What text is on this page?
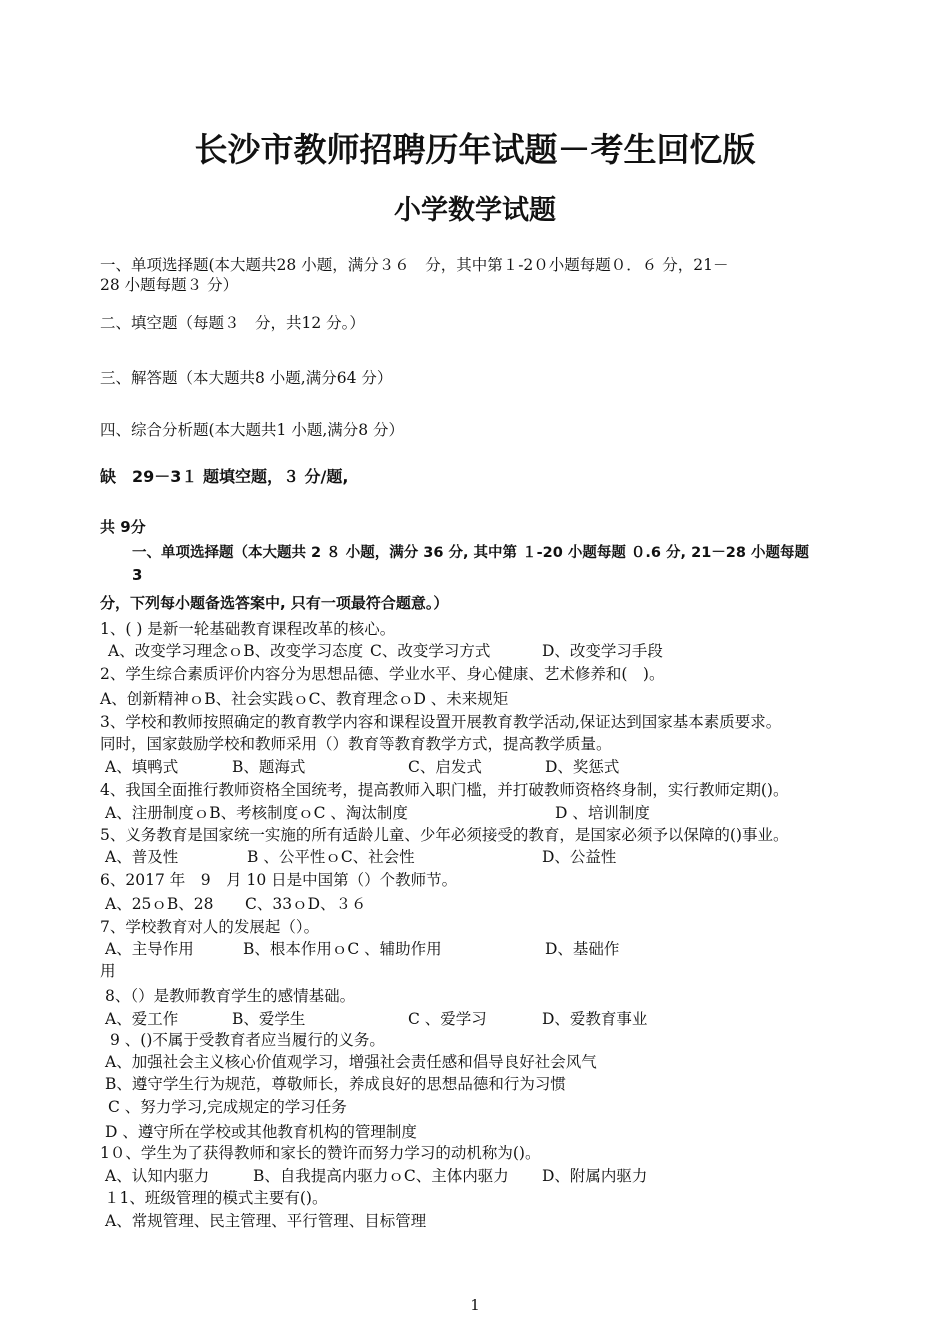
长沙市教师招聘历年试题－考生回忆版
小学数学试题
一、单项选择题(本大题共28 小题，满分３６　分，其中第１-2０小题每题０．６ 分，21－
28 小题每题３ 分）
二、填空题（每题３　分，共12 分。）
三、解答题（本大题共8 小题,满分64 分）
四、综合分析题(本大题共1 小题,满分8 分）
缺　29－3１ 题填空题，３ 分/题,
共 9分
一、单项选择题（本大题共 2 ８ 小题，满分 36 分, 其中第 １-20 小题每题 ０.6 分, 21－28 小题每题
3
分，下列每小题备选答案中, 只有一项最符合题意。）
1、( ) 是新一轮基础教育课程改革的核心。
A、改变学习理念ｏB、改变学习态度 C、改变学习方式	D、改变学习手段
2、学生综合素质评价内容分为思想品德、学业水平、身心健康、艺术修养和(　)。
A、创新精神ｏB、社会实践ｏC、教育理念ｏD 、未来规矩
3、学校和教师按照确定的教育教学内容和课程设置开展教育教学活动,保证达到国家基本素质要求。
同时，国家鼓励学校和教师采用（）教育等教育教学方式，提高教学质量。
A、填鸭式	B、题海式	C、启发式	D、奖惩式
4、我国全面推行教师资格全国统考，提高教师入职门槛，并打破教师资格终身制，实行教师定期()。
A、注册制度ｏB、考核制度ｏC 、淘汰制度	D 、培训制度
5、义务教育是国家统一实施的所有适龄儿童、少年必须接受的教育，是国家必须予以保障的()事业。
A、普及性	B 、公平性ｏC、社会性	D、公益性
6、2017 年　9　月 10 日是中国第（）个教师节。
A、25ｏB、28 C、33ｏD、３６
7、学校教育对人的发展起（）。
A、主导作用	B、根本作用ｏC 、辅助作用	D、基础作
用
8、（）是教师教育学生的感情基础。
A、爱工作	B、爱学生	C 、爱学习	D、爱教育事业
9 、()不属于受教育者应当履行的义务。
A、加强社会主义核心价值观学习，增强社会责任感和倡导良好社会风气
B、遵守学生行为规范，尊敬师长，养成良好的思想品德和行为习惯
C 、努力学习,完成规定的学习任务
D 、遵守所在学校或其他教育机构的管理制度
1０、学生为了获得教师和家长的赞许而努力学习的动机称为()。
A、认知内驱力	B、自我提高内驱力ｏC、主体内驱力 D、附属内驱力
１1、班级管理的模式主要有()。
A、常规管理、民主管理、平行管理、目标管理
1
